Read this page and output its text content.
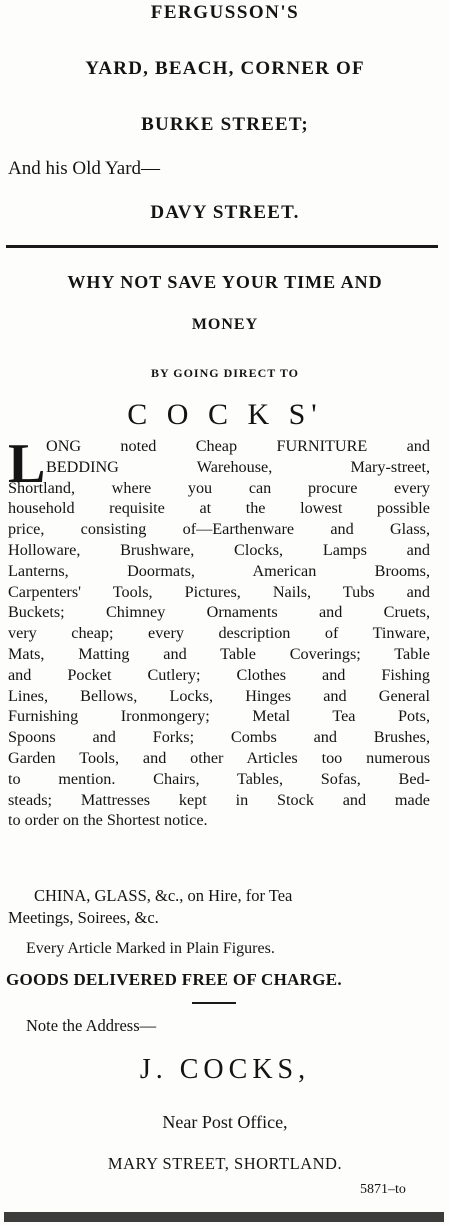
FERGUSSON'S
YARD, BEACH, CORNER OF
BURKE STREET;
And his Old Yard—
DAVY STREET.
WHY NOT SAVE YOUR TIME AND
MONEY
BY GOING DIRECT TO
C O C K S'
L ONG noted Cheap FURNITURE and
BEDDING Warehouse, Mary-street,
Shortland, where you can procure every
household requisite at the lowest possible
price, consisting of—Earthenware and Glass,
Holloware, Brushware, Clocks, Lamps and
Lanterns, Doormats, American Brooms,
Carpenters' Tools, Pictures, Nails, Tubs and
Buckets; Chimney Ornaments and Cruets,
very cheap; every description of Tinware,
Mats, Matting and Table Coverings; Table
and Pocket Cutlery; Clothes and Fishing
Lines, Bellows, Locks, Hinges and General
Furnishing Ironmongery; Metal Tea Pots,
Spoons and Forks; Combs and Brushes,
Garden Tools, and other Articles too numerous
to mention. Chairs, Tables, Sofas, Bed-
steads; Mattresses kept in Stock and made
to order on the Shortest notice.
CHINA, GLASS, &c., on Hire, for Tea
Meetings, Soirees, &c.
Every Article Marked in Plain Figures.
GOODS DELIVERED FREE OF CHARGE.
Note the Address—
J. COCKS,
Near Post Office,
MARY STREET, SHORTLAND.
5871–to
